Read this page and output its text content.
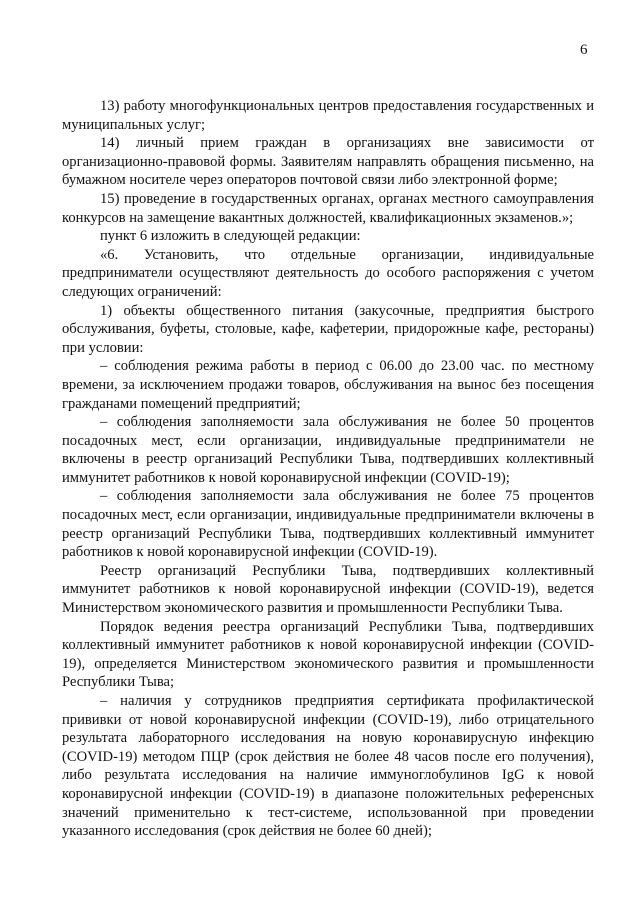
6

13) работу многофункциональных центров предоставления государственных и муниципальных услуг;

14) личный прием граждан в организациях вне зависимости от организационно-правовой формы. Заявителям направлять обращения письменно, на бумажном носителе через операторов почтовой связи либо электронной форме;

15) проведение в государственных органах, органах местного самоуправления конкурсов на замещение вакантных должностей, квалификационных экзаменов.»;

пункт 6 изложить в следующей редакции:

«6. Установить, что отдельные организации, индивидуальные предприниматели осуществляют деятельность до особого распоряжения с учетом следующих ограничений:

1) объекты общественного питания (закусочные, предприятия быстрого обслуживания, буфеты, столовые, кафе, кафетерии, придорожные кафе, рестораны) при условии:

– соблюдения режима работы в период с 06.00 до 23.00 час. по местному времени, за исключением продажи товаров, обслуживания на вынос без посещения гражданами помещений предприятий;

– соблюдения заполняемости зала обслуживания не более 50 процентов посадочных мест, если организации, индивидуальные предприниматели не включены в реестр организаций Республики Тыва, подтвердивших коллективный иммунитет работников к новой коронавирусной инфекции (COVID-19);

– соблюдения заполняемости зала обслуживания не более 75 процентов посадочных мест, если организации, индивидуальные предприниматели включены в реестр организаций Республики Тыва, подтвердивших коллективный иммунитет работников к новой коронавирусной инфекции (COVID-19).

Реестр организаций Республики Тыва, подтвердивших коллективный иммунитет работников к новой коронавирусной инфекции (COVID-19), ведется Министерством экономического развития и промышленности Республики Тыва.

Порядок ведения реестра организаций Республики Тыва, подтвердивших коллективный иммунитет работников к новой коронавирусной инфекции (COVID-19), определяется Министерством экономического развития и промышленности Республики Тыва;

– наличия у сотрудников предприятия сертификата профилактической прививки от новой коронавирусной инфекции (COVID-19), либо отрицательного результата лабораторного исследования на новую коронавирусную инфекцию (COVID-19) методом ПЦР (срок действия не более 48 часов после его получения), либо результата исследования на наличие иммуноглобулинов IgG к новой коронавирусной инфекции (COVID-19) в диапазоне положительных референсных значений применительно к тест-системе, использованной при проведении указанного исследования (срок действия не более 60 дней);
